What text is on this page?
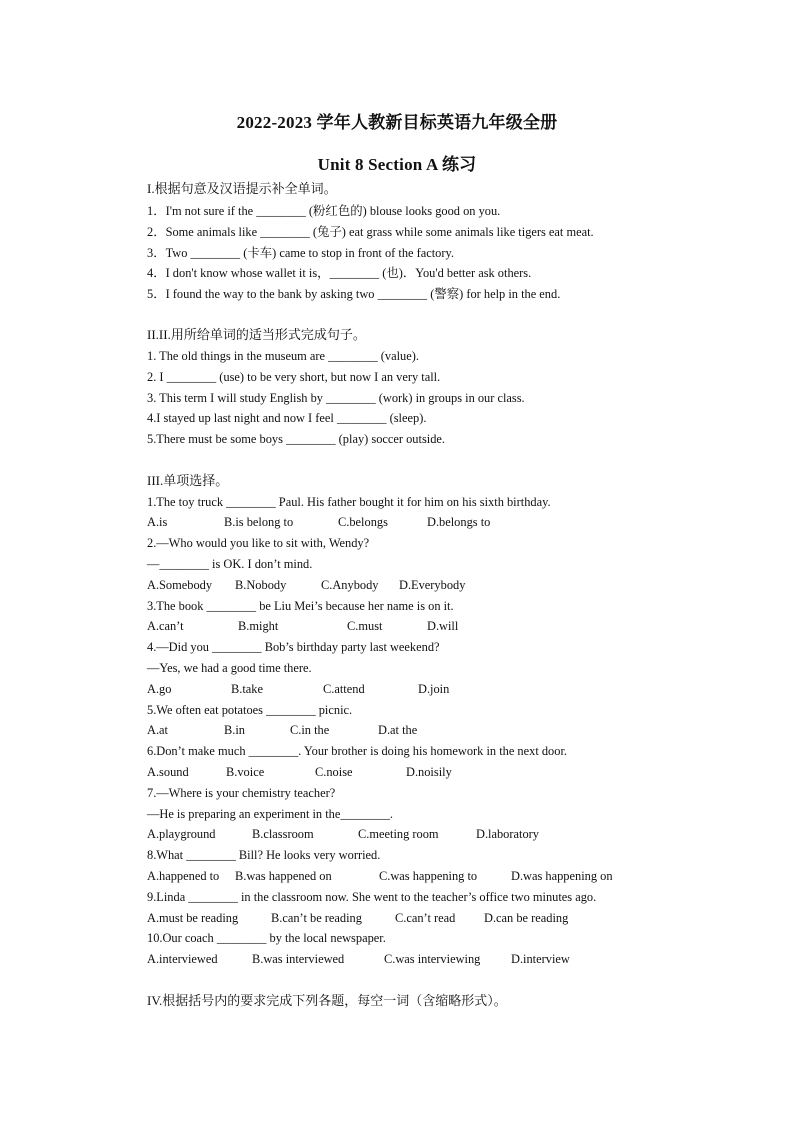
2022-2023 学年人教新目标英语九年级全册
Unit 8 Section A 练习
I.根据句意及汉语提示补全单词。
1．I'm not sure if the ________ (粉红色的) blouse looks good on you.
2．Some animals like ________ (兔子) eat grass while some animals like tigers eat meat.
3．Two ________ (卡车) came to stop in front of the factory.
4．I don't know whose wallet it is，________ (也)．You'd better ask others.
5．I found the way to the bank by asking two ________ (警察) for help in the end.
II.II.用所给单词的适当形式完成句子。
1. The old things in the museum are ________ (value).
2. I ________ (use) to be very short, but now I an very tall.
3. This term I will study English by ________ (work) in groups in our class.
4.I stayed up last night and now I feel ________ (sleep).
5.There must be some boys ________ (play) soccer outside.
III.单项选择。
1.The toy truck ________ Paul. His father bought it for him on his sixth birthday.
A.is	B.is belong to	C.belongs	D.belongs to
2.—Who would you like to sit with, Wendy?
—________ is OK. I don’t mind.
A.Somebody B.Nobody	C.Anybody D.Everybody
3.The book ________ be Liu Mei’s because her name is on it.
A.can’t	B.might	C.must	D.will
4.—Did you ________ Bob’s birthday party last weekend?
—Yes, we had a good time there.
A.go	B.take	C.attend	D.join
5.We often eat potatoes ________ picnic.
A.at	B.in	C.in the	D.at the
6.Don’t make much ________. Your brother is doing his homework in the next door.
A.sound	B.voice	C.noise	D.noisily
7.—Where is your chemistry teacher?
—He is preparing an experiment in the________.
A.playground	B.classroom	C.meeting room	D.laboratory
8.What ________ Bill? He looks very worried.
A.happened to B.was happened on	C.was happening to	D.was happening on
9.Linda ________ in the classroom now. She went to the teacher’s office two minutes ago.
A.must be reading	B.can’t be reading	C.can’t read D.can be reading
10.Our coach ________ by the local newspaper.
A.interviewed	B.was interviewed	C.was interviewing D.interview
IV.根据括号内的要求完成下列各题，每空一词（含缩略形式）。
